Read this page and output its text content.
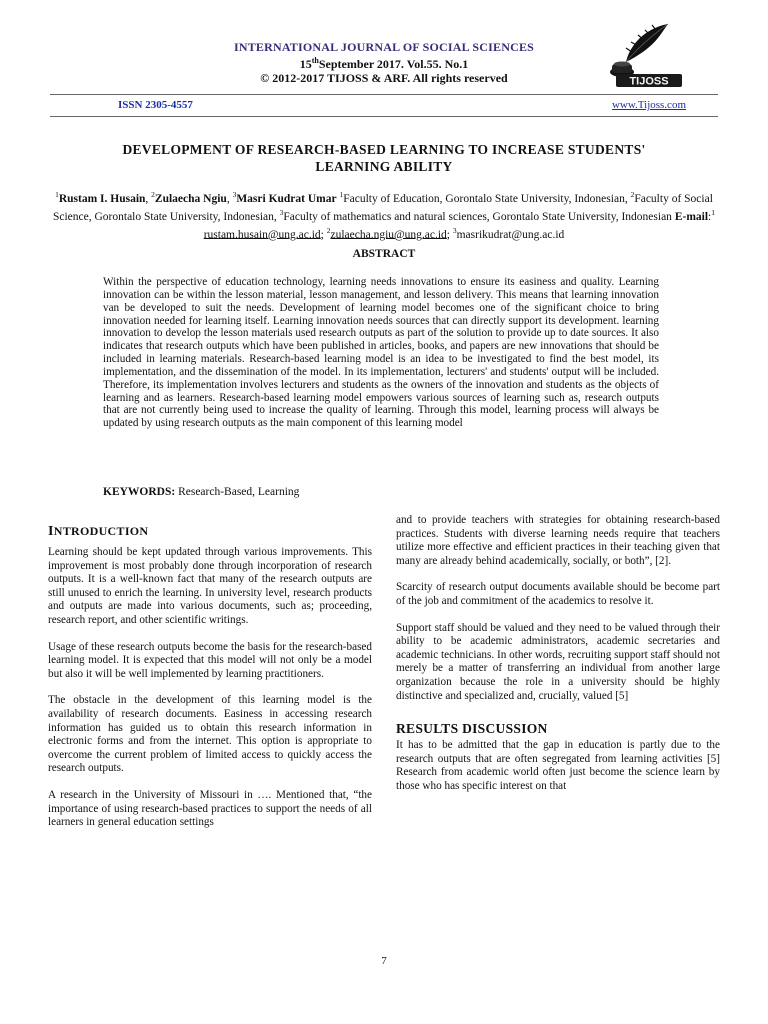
INTERNATIONAL JOURNAL OF SOCIAL SCIENCES
15thSeptember 2017. Vol.55. No.1
© 2012-2017 TIJOSS & ARF. All rights reserved	TIJOSS
ISSN 2305-4557	www.Tijoss.com
DEVELOPMENT OF RESEARCH-BASED LEARNING TO INCREASE STUDENTS'
LEARNING ABILITY
$^1$Rustam I. Husain, $^2$Zulaecha Ngiu, $^3$Masri Kudrat Umar $^1$Faculty of Education, Gorontalo State University, Indonesian, $^2$Faculty of Social Science, Gorontalo State University, Indonesian, $^3$Faculty of mathematics and natural sciences, Gorontalo State University, Indonesian E-mail:$^1$ rustam.husain@ung.ac.id; $^2$zulaecha.ngiu@ung.ac.id; $^3$masrikudrat@ung.ac.id
ABSTRACT

Within the perspective of education technology, learning needs innovations to ensure its easiness and quality. Learning innovation can be within the lesson material, lesson management, and lesson delivery. This means that learning innovation van be developed to suit the needs. Development of learning model becomes one of the significant choice to bring innovation needed for learning itself. Learning innovation needs sources that can directly support its development. learning innovation to develop the lesson materials used research outputs as part of the solution to provide up to date sources. It also indicates that research outputs which have been published in articles, books, and papers are new innovations that should be included in learning materials. Research-based learning model is an idea to be investigated to find the best model, its implementation, and the dissemination of the model. In its implementation, lecturers' and students' output will be included. Therefore, its implementation involves lecturers and students as the owners of the innovation and students as the objects of learning and as learners. Research-based learning model empowers various sources of learning such as, research outputs that are not currently being used to increase the quality of learning. Through this model, learning process will always be updated by using research outputs as the main component of this learning model

KEYWORDS: Research-Based, Learning
INTRODUCTION

Learning should be kept updated through various improvements. This improvement is most probably done through incorporation of research outputs. It is a well-known fact that many of the research outputs are still unused to enrich the learning. In university level, research products and outputs are made into various documents, such as; proceeding, research report, and other scientific writings.

Usage of these research outputs become the basis for the research-based learning model. It is expected that this model will not only be a model but also it will be well implemented by learning practitioners.

The obstacle in the development of this learning model is the availability of research documents. Easiness in accessing research information has guided us to obtain this research information in electronic forms and from the internet. This option is appropriate to overcome the current problem of limited access to quickly access the research outputs.

A research in the University of Missouri in …. Mentioned that, “the importance of using research-based practices to support the needs of all learners in general education settings

and to provide teachers with strategies for obtaining research-based practices. Students with diverse learning needs require that teachers utilize more effective and efficient practices in their teaching given that many are already behind academically, socially, or both”, [2].

Scarcity of research output documents available should be become part of the job and commitment of the academics to resolve it.

Support staff should be valued and they need to be valued through their ability to be academic administrators, academic secretaries and academic technicians. In other words, recruiting support staff should not merely be a matter of transferring an individual from another large organization because the role in a university should be highly distinctive and specialized and, crucially, valued [5]

RESULTS DISCUSSION

It has to be admitted that the gap in education is partly due to the research outputs that are often segregated from learning activities [5] Research from academic world often just become the science learn by those who has specific interest on that

7
